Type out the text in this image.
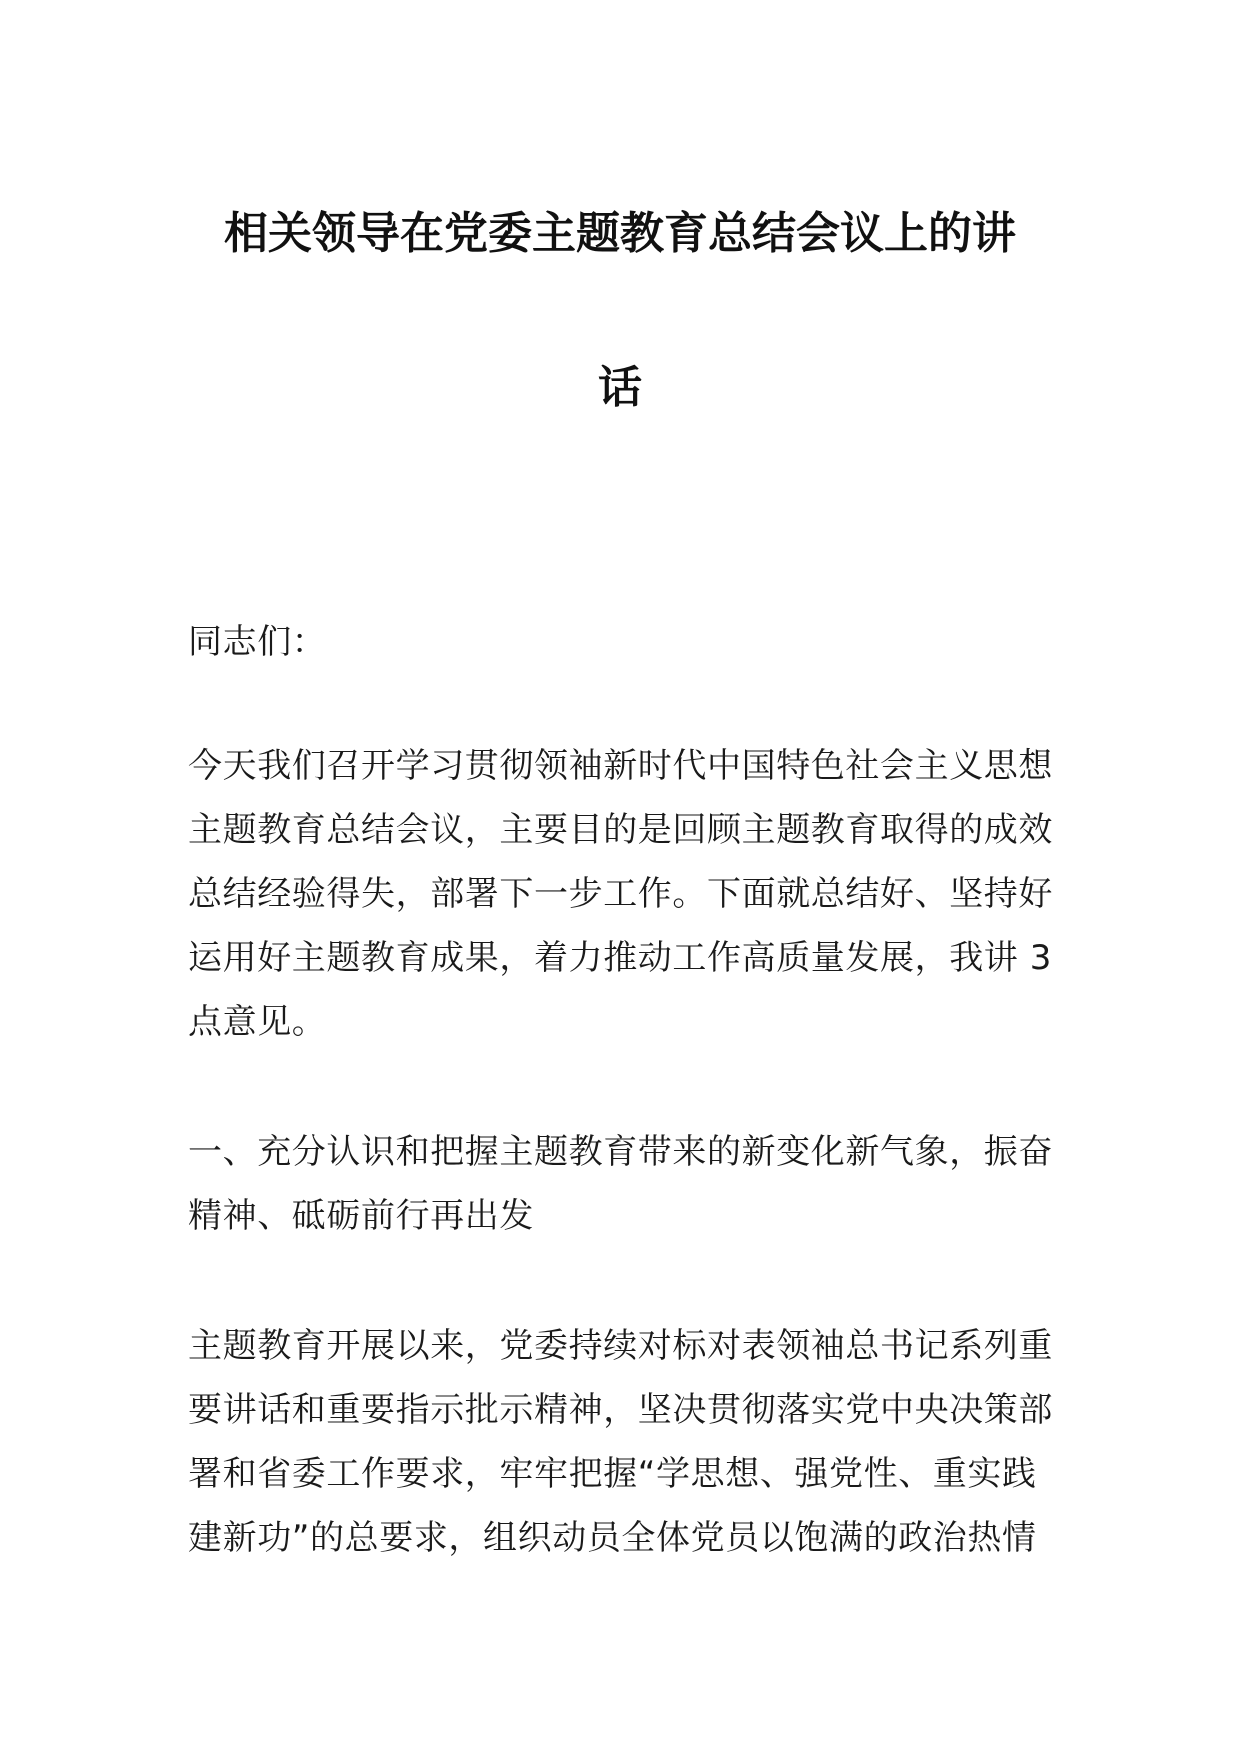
相关领导在党委主题教育总结会议上的讲
话

同志们：

今天我们召开学习贯彻领袖新时代中国特色社会主义思想主题教育总结会议，主要目的是回顾主题教育取得的成效总结经验得失，部署下一步工作。下面就总结好、坚持好运用好主题教育成果，着力推动工作高质量发展，我讲 3 点意见。

一、充分认识和把握主题教育带来的新变化新气象，振奋精神、砥砺前行再出发

主题教育开展以来，党委持续对标对表领袖总书记系列重要讲话和重要指示批示精神，坚决贯彻落实党中央决策部署和省委工作要求，牢牢把握“学思想、强党性、重实践建新功”的总要求，组织动员全体党员以饱满的政治热情
